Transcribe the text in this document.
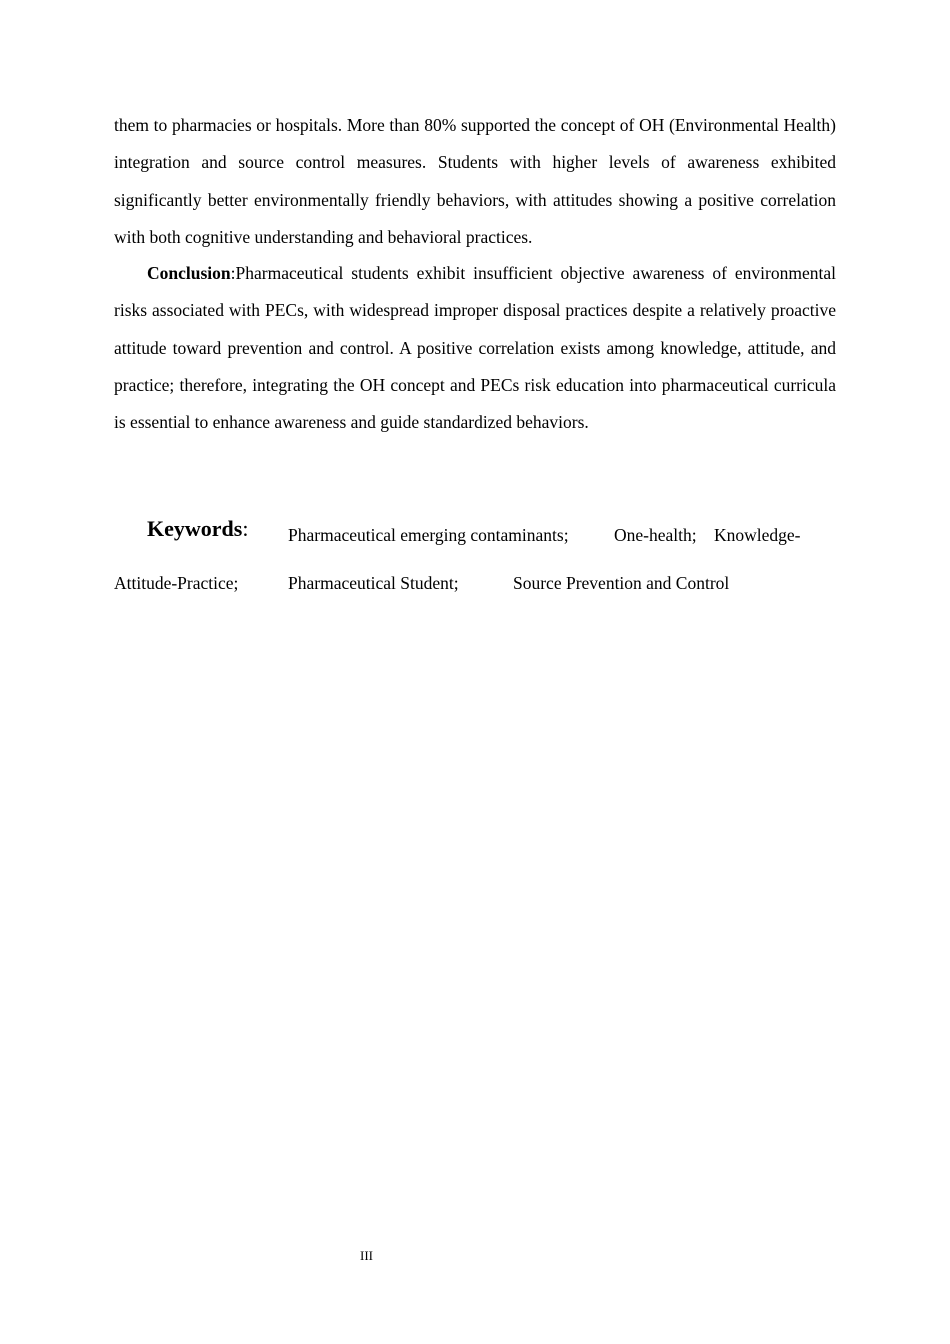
them to pharmacies or hospitals. More than 80% supported the concept of OH (Environmental Health) integration and source control measures. Students with higher levels of awareness exhibited significantly better environmentally friendly behaviors, with attitudes showing a positive correlation with both cognitive understanding and behavioral practices.

Conclusion:Pharmaceutical students exhibit insufficient objective awareness of environmental risks associated with PECs, with widespread improper disposal practices despite a relatively proactive attitude toward prevention and control. A positive correlation exists among knowledge, attitude, and practice; therefore, integrating the OH concept and PECs risk education into pharmaceutical curricula is essential to enhance awareness and guide standardized behaviors.

Keywords: Pharmaceutical emerging contaminants;	One-health; Knowledge-
Attitude-Practice;	Pharmaceutical Student;	Source Prevention and Control
III
